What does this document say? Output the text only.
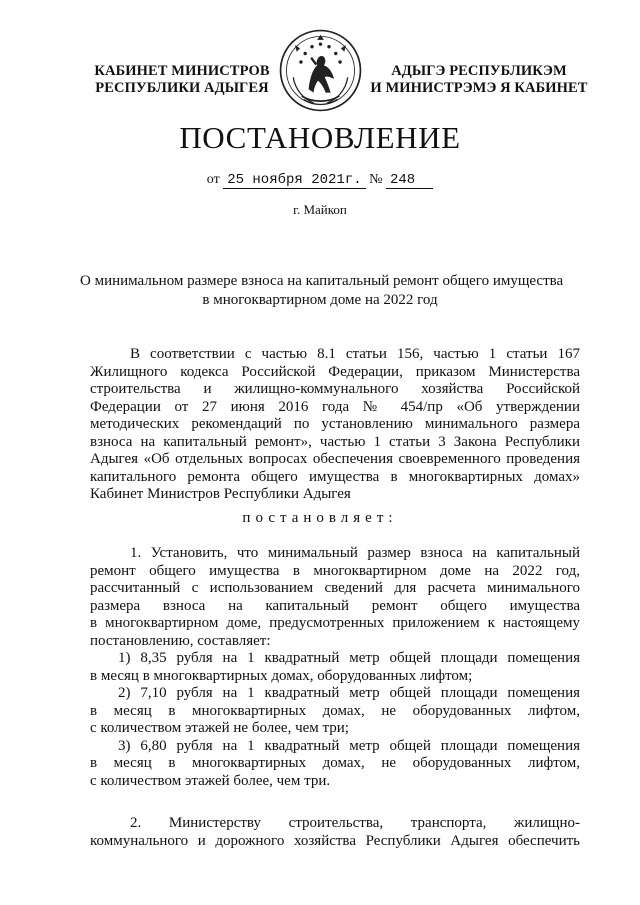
КАБИНЕТ МИНИСТРОВ
РЕСПУБЛИКИ АДЫГЕЯ
АДЫГЭ РЕСПУБЛИКЭМ
И МИНИСТРЭМЭ Я КАБИНЕТ
ПОСТАНОВЛЕНИЕ
от 25 ноября 2021г. № 248
г. Майкоп
О минимальном размере взноса на капитальный ремонт общего имущества
в многоквартирном доме на 2022 год
В соответствии с частью 8.1 статьи 156, частью 1 статьи 167
Жилищного кодекса Российской Федерации, приказом Министерства
строительства и жилищно-коммунального хозяйства Российской
Федерации от 27 июня 2016 года № 454/пр «Об утверждении
методических рекомендаций по установлению минимального размера
взноса на капитальный ремонт», частью 1 статьи 3 Закона Республики
Адыгея «Об отдельных вопросах обеспечения своевременного проведения
капитального ремонта общего имущества в многоквартирных домах»
Кабинет Министров Республики Адыгея
постановляет:
1. Установить, что минимальный размер взноса на капитальный
ремонт общего имущества в многоквартирном доме на 2022 год,
рассчитанный с использованием сведений для расчета минимального
размера взноса на капитальный ремонт общего имущества
в многоквартирном доме, предусмотренных приложением к настоящему
постановлению, составляет:
1) 8,35 рубля на 1 квадратный метр общей площади помещения
в месяц в многоквартирных домах, оборудованных лифтом;
2) 7,10 рубля на 1 квадратный метр общей площади помещения
в месяц в многоквартирных домах, не оборудованных лифтом,
с количеством этажей не более, чем три;
3) 6,80 рубля на 1 квадратный метр общей площади помещения
в месяц в многоквартирных домах, не оборудованных лифтом,
с количеством этажей более, чем три.
2. Министерству строительства, транспорта, жилищно-
коммунального и дорожного хозяйства Республики Адыгея обеспечить
